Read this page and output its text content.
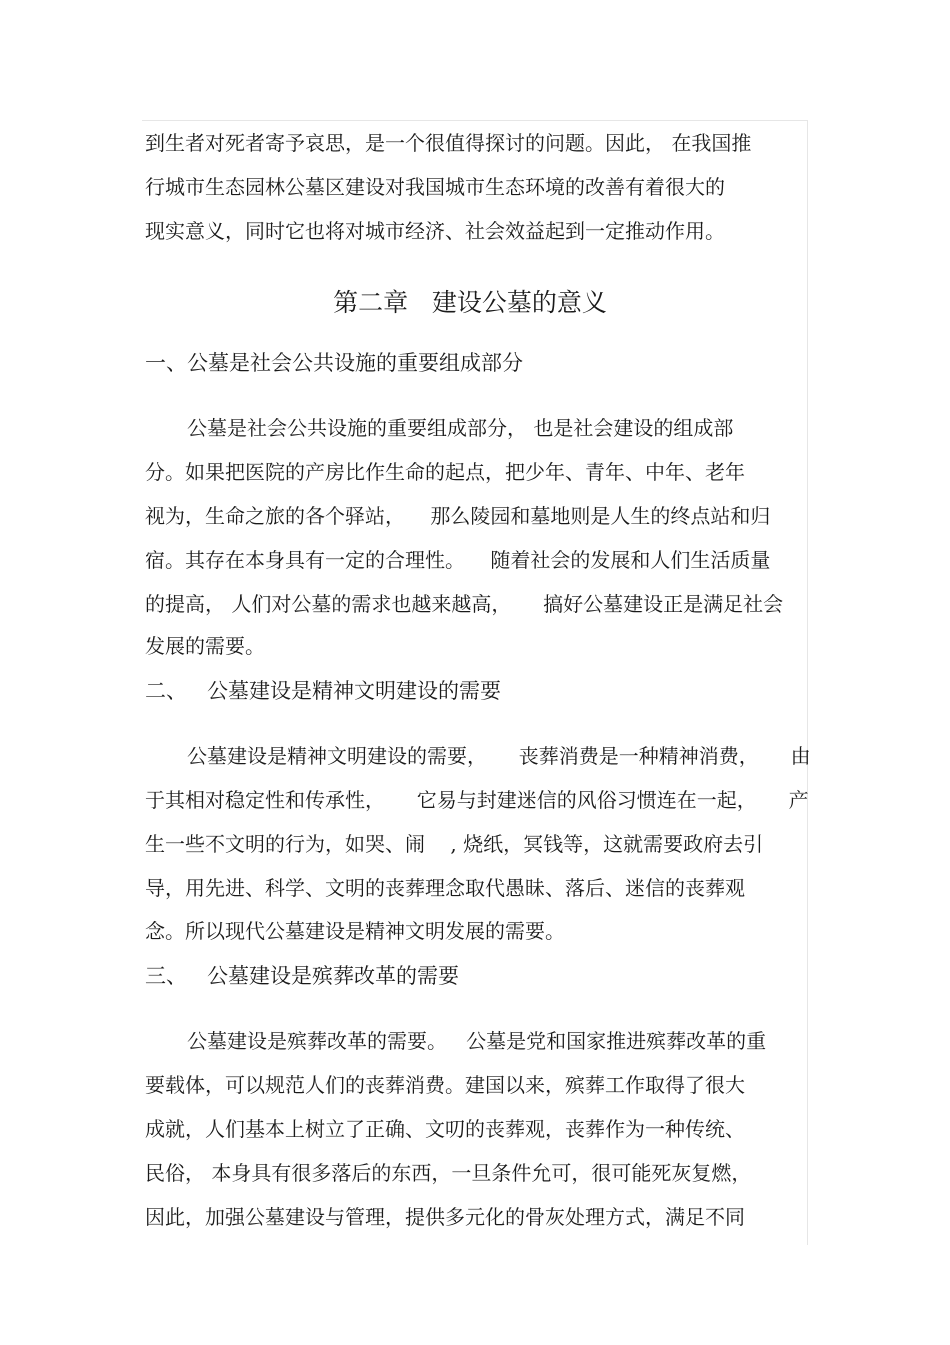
到生者对死者寄予哀思，是一个很值得探讨的问题。因此， 在我国推
行城市生态园林公墓区建设对我国城市生态环境的改善有着很大的
现实意义，同时它也将对城市经济、社会效益起到一定推动作用。
第二章   建设公墓的意义
一、公墓是社会公共设施的重要组成部分
公墓是社会公共设施的重要组成部分， 也是社会建设的组成部
分。如果把医院的产房比作生命的起点，把少年、青年、中年、老年
视为，生命之旅的各个驿站，    那么陵园和墓地则是人生的终点站和归
宿。其存在本身具有一定的合理性。    随着社会的发展和人们生活质量
的提高， 人们对公墓的需求也越来越高，     搞好公墓建设正是满足社会
发展的需要。
二、 公墓建设是精神文明建设的需要
公墓建设是精神文明建设的需要，     丧葬消费是一种精神消费，     由
于其相对稳定性和传承性，     它易与封建迷信的风俗习惯连在一起，     产
生一些不文明的行为，如哭、闹    , 烧纸，冥钱等，这就需要政府去引
导，用先进、科学、文明的丧葬理念取代愚昧、落后、迷信的丧葬观
念。所以现代公墓建设是精神文明发展的需要。
三、 公墓建设是殡葬改革的需要
公墓建设是殡葬改革的需要。   公墓是党和国家推进殡葬改革的重
要载体，可以规范人们的丧葬消费。建国以来，殡葬工作取得了很大
成就，人们基本上树立了正确、文叨的丧葬观，丧葬作为一种传统、
民俗， 本身具有很多落后的东西，一旦条件允可，很可能死灰复燃，
因此，加强公墓建设与管理，提供多元化的骨灰处理方式，满足不同
